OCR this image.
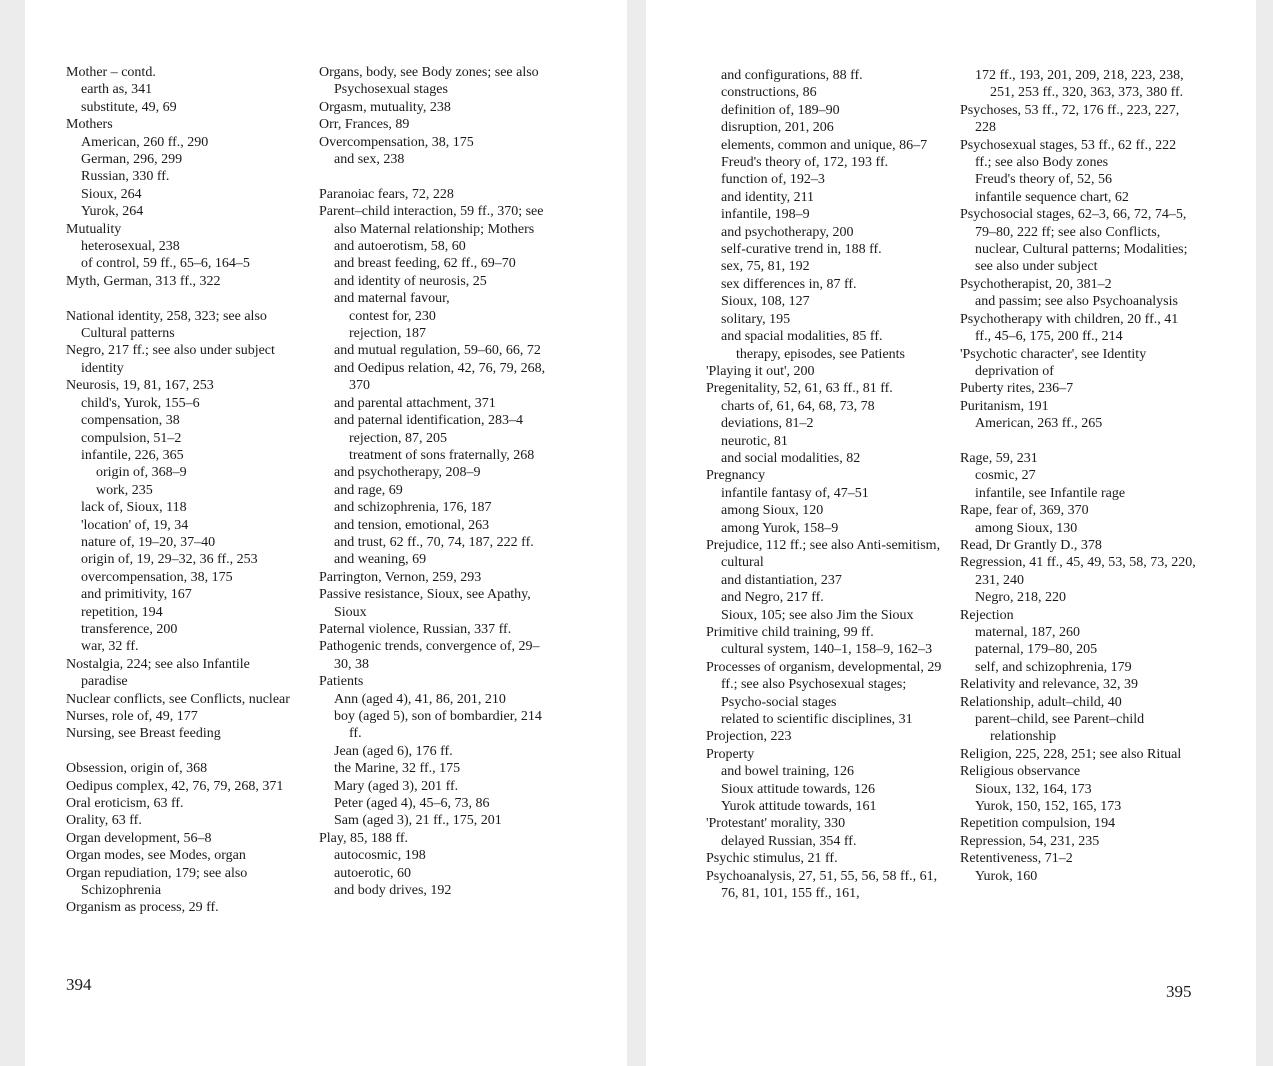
Mother – contd.
earth as, 341
substitute, 49, 69
Mothers
American, 260 ff., 290
German, 296, 299
Russian, 330 ff.
Sioux, 264
Yurok, 264
Mutuality
heterosexual, 238
of control, 59 ff., 65–6, 164–5
Myth, German, 313 ff., 322
National identity, 258, 323; see also Cultural patterns
Negro, 217 ff.; see also under subject identity
Neurosis, 19, 81, 167, 253
child's, Yurok, 155–6
compensation, 38
compulsion, 51–2
infantile, 226, 365
origin of, 368–9
work, 235
lack of, Sioux, 118
'location' of, 19, 34
nature of, 19–20, 37–40
origin of, 19, 29–32, 36 ff., 253
overcompensation, 38, 175
and primitivity, 167
repetition, 194
transference, 200
war, 32 ff.
Nostalgia, 224; see also Infantile paradise
Nuclear conflicts, see Conflicts, nuclear
Nurses, role of, 49, 177
Nursing, see Breast feeding
Obsession, origin of, 368
Oedipus complex, 42, 76, 79, 268, 371
Oral eroticism, 63 ff.
Orality, 63 ff.
Organ development, 56–8
Organ modes, see Modes, organ
Organ repudiation, 179; see also Schizophrenia
Organism as process, 29 ff.
Organs, body, see Body zones; see also Psychosexual stages
Orgasm, mutuality, 238
Orr, Frances, 89
Overcompensation, 38, 175
and sex, 238
Paranoiac fears, 72, 228
Parent–child interaction, 59 ff., 370; see also Maternal relationship; Mothers
and autoerotism, 58, 60
and breast feeding, 62 ff., 69–70
and identity of neurosis, 25
and maternal favour,
contest for, 230
rejection, 187
and mutual regulation, 59–60, 66, 72
and Oedipus relation, 42, 76, 79, 268, 370
and parental attachment, 371
and paternal identification, 283–4
rejection, 87, 205
treatment of sons fraternally, 268
and psychotherapy, 208–9
and rage, 69
and schizophrenia, 176, 187
and tension, emotional, 263
and trust, 62 ff., 70, 74, 187, 222 ff.
and weaning, 69
Parrington, Vernon, 259, 293
Passive resistance, Sioux, see Apathy, Sioux
Paternal violence, Russian, 337 ff.
Pathogenic trends, convergence of, 29–30, 38
Patients
Ann (aged 4), 41, 86, 201, 210
boy (aged 5), son of bombardier, 214 ff.
Jean (aged 6), 176 ff.
the Marine, 32 ff., 175
Mary (aged 3), 201 ff.
Peter (aged 4), 45–6, 73, 86
Sam (aged 3), 21 ff., 175, 201
Play, 85, 188 ff.
autocosmic, 198
autoerotic, 60
and body drives, 192
394
and configurations, 88 ff.
constructions, 86
definition of, 189–90
disruption, 201, 206
elements, common and unique, 86–7
Freud's theory of, 172, 193 ff.
function of, 192–3
and identity, 211
infantile, 198–9
and psychotherapy, 200
self-curative trend in, 188 ff.
sex, 75, 81, 192
sex differences in, 87 ff.
Sioux, 108, 127
solitary, 195
and spacial modalities, 85 ff.
therapy, episodes, see Patients
'Playing it out', 200
Pregenitality, 52, 61, 63 ff., 81 ff.
charts of, 61, 64, 68, 73, 78
deviations, 81–2
neurotic, 81
and social modalities, 82
Pregnancy
infantile fantasy of, 47–51
among Sioux, 120
among Yurok, 158–9
Prejudice, 112 ff.; see also Anti-semitism, cultural
and distantiation, 237
and Negro, 217 ff.
Sioux, 105; see also Jim the Sioux
Primitive child training, 99 ff.
cultural system, 140–1, 158–9, 162–3
Processes of organism, developmental, 29 ff.; see also Psychosexual stages; Psycho-social stages
related to scientific disciplines, 31
Projection, 223
Property
and bowel training, 126
Sioux attitude towards, 126
Yurok attitude towards, 161
'Protestant' morality, 330
delayed Russian, 354 ff.
Psychic stimulus, 21 ff.
Psychoanalysis, 27, 51, 55, 56, 58 ff., 61, 76, 81, 101, 155 ff., 161,
172 ff., 193, 201, 209, 218, 223, 238, 251, 253 ff., 320, 363, 373, 380 ff.
Psychoses, 53 ff., 72, 176 ff., 223, 227, 228
Psychosexual stages, 53 ff., 62 ff., 222 ff.; see also Body zones
Freud's theory of, 52, 56
infantile sequence chart, 62
Psychosocial stages, 62–3, 66, 72, 74–5, 79–80, 222 ff; see also Conflicts, nuclear, Cultural patterns; Modalities; see also under subject
Psychotherapist, 20, 381–2
and passim; see also Psychoanalysis
Psychotherapy with children, 20 ff., 41 ff., 45–6, 175, 200 ff., 214
'Psychotic character', see Identity deprivation of
Puberty rites, 236–7
Puritanism, 191
American, 263 ff., 265
Rage, 59, 231
cosmic, 27
infantile, see Infantile rage
Rape, fear of, 369, 370
among Sioux, 130
Read, Dr Grantly D., 378
Regression, 41 ff., 45, 49, 53, 58, 73, 220, 231, 240
Negro, 218, 220
Rejection
maternal, 187, 260
paternal, 179–80, 205
self, and schizophrenia, 179
Relativity and relevance, 32, 39
Relationship, adult–child, 40
parent–child, see Parent–child relationship
Religion, 225, 228, 251; see also Ritual
Religious observance
Sioux, 132, 164, 173
Yurok, 150, 152, 165, 173
Repetition compulsion, 194
Repression, 54, 231, 235
Retentiveness, 71–2
Yurok, 160
395
